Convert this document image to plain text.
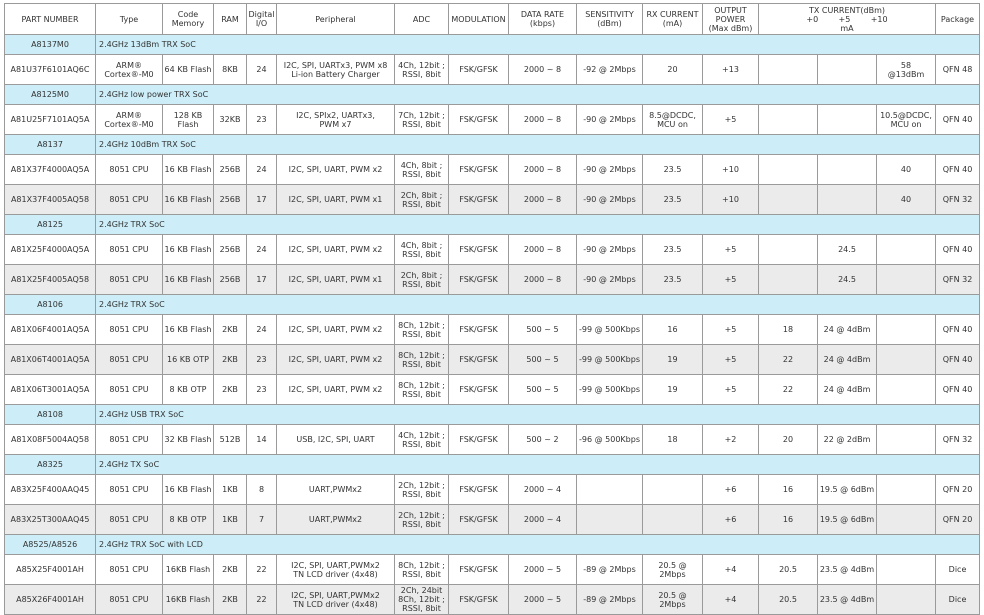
PART NUMBER	Type	Code
Memory	RAM	Digital
I/O	Peripheral	ADC	MODULATION	DATA RATE
(kbps)	SENSITIVITY
(dBm)	RX CURRENT
(mA)	OUTPUT
POWER
(Max dBm)	TX CURRENT(dBm)
+0        +5        +10
mA			Package
A8137M0	2.4GHz 13dBm TRX SoC														
A81U37F6101AQ6C	ARM®
Cortex®-M0	64 KB Flash	8KB	24	I2C, SPI, UARTx3, PWM x8
Li-ion Battery Charger	4Ch, 12bit ;
RSSI, 8bit	FSK/GFSK	2000 ~ 8	-92 @ 2Mbps	20	+13			58
@13dBm	QFN 48
A8125M0	2.4GHz low power TRX SoC														
A81U25F7101AQ5A	ARM®
Cortex®-M0	128 KB
Flash	32KB	23	I2C, SPIx2, UARTx3,
PWM x7	7Ch, 12bit ;
RSSI, 8bit	FSK/GFSK	2000 ~ 8	-90 @ 2Mbps	8.5@DCDC,
MCU on	+5			10.5@DCDC,
MCU on	QFN 40
A8137	2.4GHz 10dBm TRX SoC														
A81X37F4000AQ5A	8051 CPU	16 KB Flash	256B	24	I2C, SPI, UART, PWM x2	4Ch, 8bit ;
RSSI, 8bit	FSK/GFSK	2000 ~ 8	-90 @ 2Mbps	23.5	+10			40	QFN 40
A81X37F4005AQ58	8051 CPU	16 KB Flash	256B	17	I2C, SPI, UART, PWM x1	2Ch, 8bit ;
RSSI, 8bit	FSK/GFSK	2000 ~ 8	-90 @ 2Mbps	23.5	+10			40	QFN 32
A8125	2.4GHz TRX SoC														
A81X25F4000AQ5A	8051 CPU	16 KB Flash	256B	24	I2C, SPI, UART, PWM x2	4Ch, 8bit ;
RSSI, 8bit	FSK/GFSK	2000 ~ 8	-90 @ 2Mbps	23.5	+5		24.5		QFN 40
A81X25F4005AQ58	8051 CPU	16 KB Flash	256B	17	I2C, SPI, UART, PWM x1	2Ch, 8bit ;
RSSI, 8bit	FSK/GFSK	2000 ~ 8	-90 @ 2Mbps	23.5	+5		24.5		QFN 32
A8106	2.4GHz TRX SoC														
A81X06F4001AQ5A	8051 CPU	16 KB Flash	2KB	24	I2C, SPI, UART, PWM x2	8Ch, 12bit ;
RSSI, 8bit	FSK/GFSK	500 ~ 5	-99 @ 500Kbps	16	+5	18	24 @ 4dBm		QFN 40
A81X06T4001AQ5A	8051 CPU	16 KB OTP	2KB	23	I2C, SPI, UART, PWM x2	8Ch, 12bit ;
RSSI, 8bit	FSK/GFSK	500 ~ 5	-99 @ 500Kbps	19	+5	22	24 @ 4dBm		QFN 40
A81X06T3001AQ5A	8051 CPU	8 KB OTP	2KB	23	I2C, SPI, UART, PWM x2	8Ch, 12bit ;
RSSI, 8bit	FSK/GFSK	500 ~ 5	-99 @ 500Kbps	19	+5	22	24 @ 4dBm		QFN 40
A8108	2.4GHz USB TRX SoC														
A81X08F5004AQ58	8051 CPU	32 KB Flash	512B	14	USB, I2C, SPI, UART	4Ch, 12bit ;
RSSI, 8bit	FSK/GFSK	500 ~ 2	-96 @ 500Kbps	18	+2	20	22 @ 2dBm		QFN 32
A8325	2.4GHz TX SoC														
A83X25F400AAQ45	8051 CPU	16 KB Flash	1KB	8	UART,PWMx2	2Ch, 12bit ;
RSSI, 8bit	FSK/GFSK	2000 ~ 4			+6	16	19.5 @ 6dBm		QFN 20
A83X25T300AAQ45	8051 CPU	8 KB OTP	1KB	7	UART,PWMx2	2Ch, 12bit ;
RSSI, 8bit	FSK/GFSK	2000 ~ 4			+6	16	19.5 @ 6dBm		QFN 20
A8525/A8526	2.4GHz TRX SoC with LCD														
A85X25F4001AH	8051 CPU	16KB Flash	2KB	22	I2C, SPI, UART,PWMx2
TN LCD driver (4x48)	8Ch, 12bit ;
RSSI, 8bit	FSK/GFSK	2000 ~ 5	-89 @ 2Mbps	20.5 @ 2Mbps	+4	20.5	23.5 @ 4dBm		Dice
A85X26F4001AH	8051 CPU	16KB Flash	2KB	22	I2C, SPI, UART,PWMx2
TN LCD driver (4x48)	2Ch, 24bit
8Ch, 12bit ;
RSSI, 8bit	FSK/GFSK	2000 ~ 5	-89 @ 2Mbps	20.5 @ 2Mbps	+4	20.5	23.5 @ 4dBm		Dice
